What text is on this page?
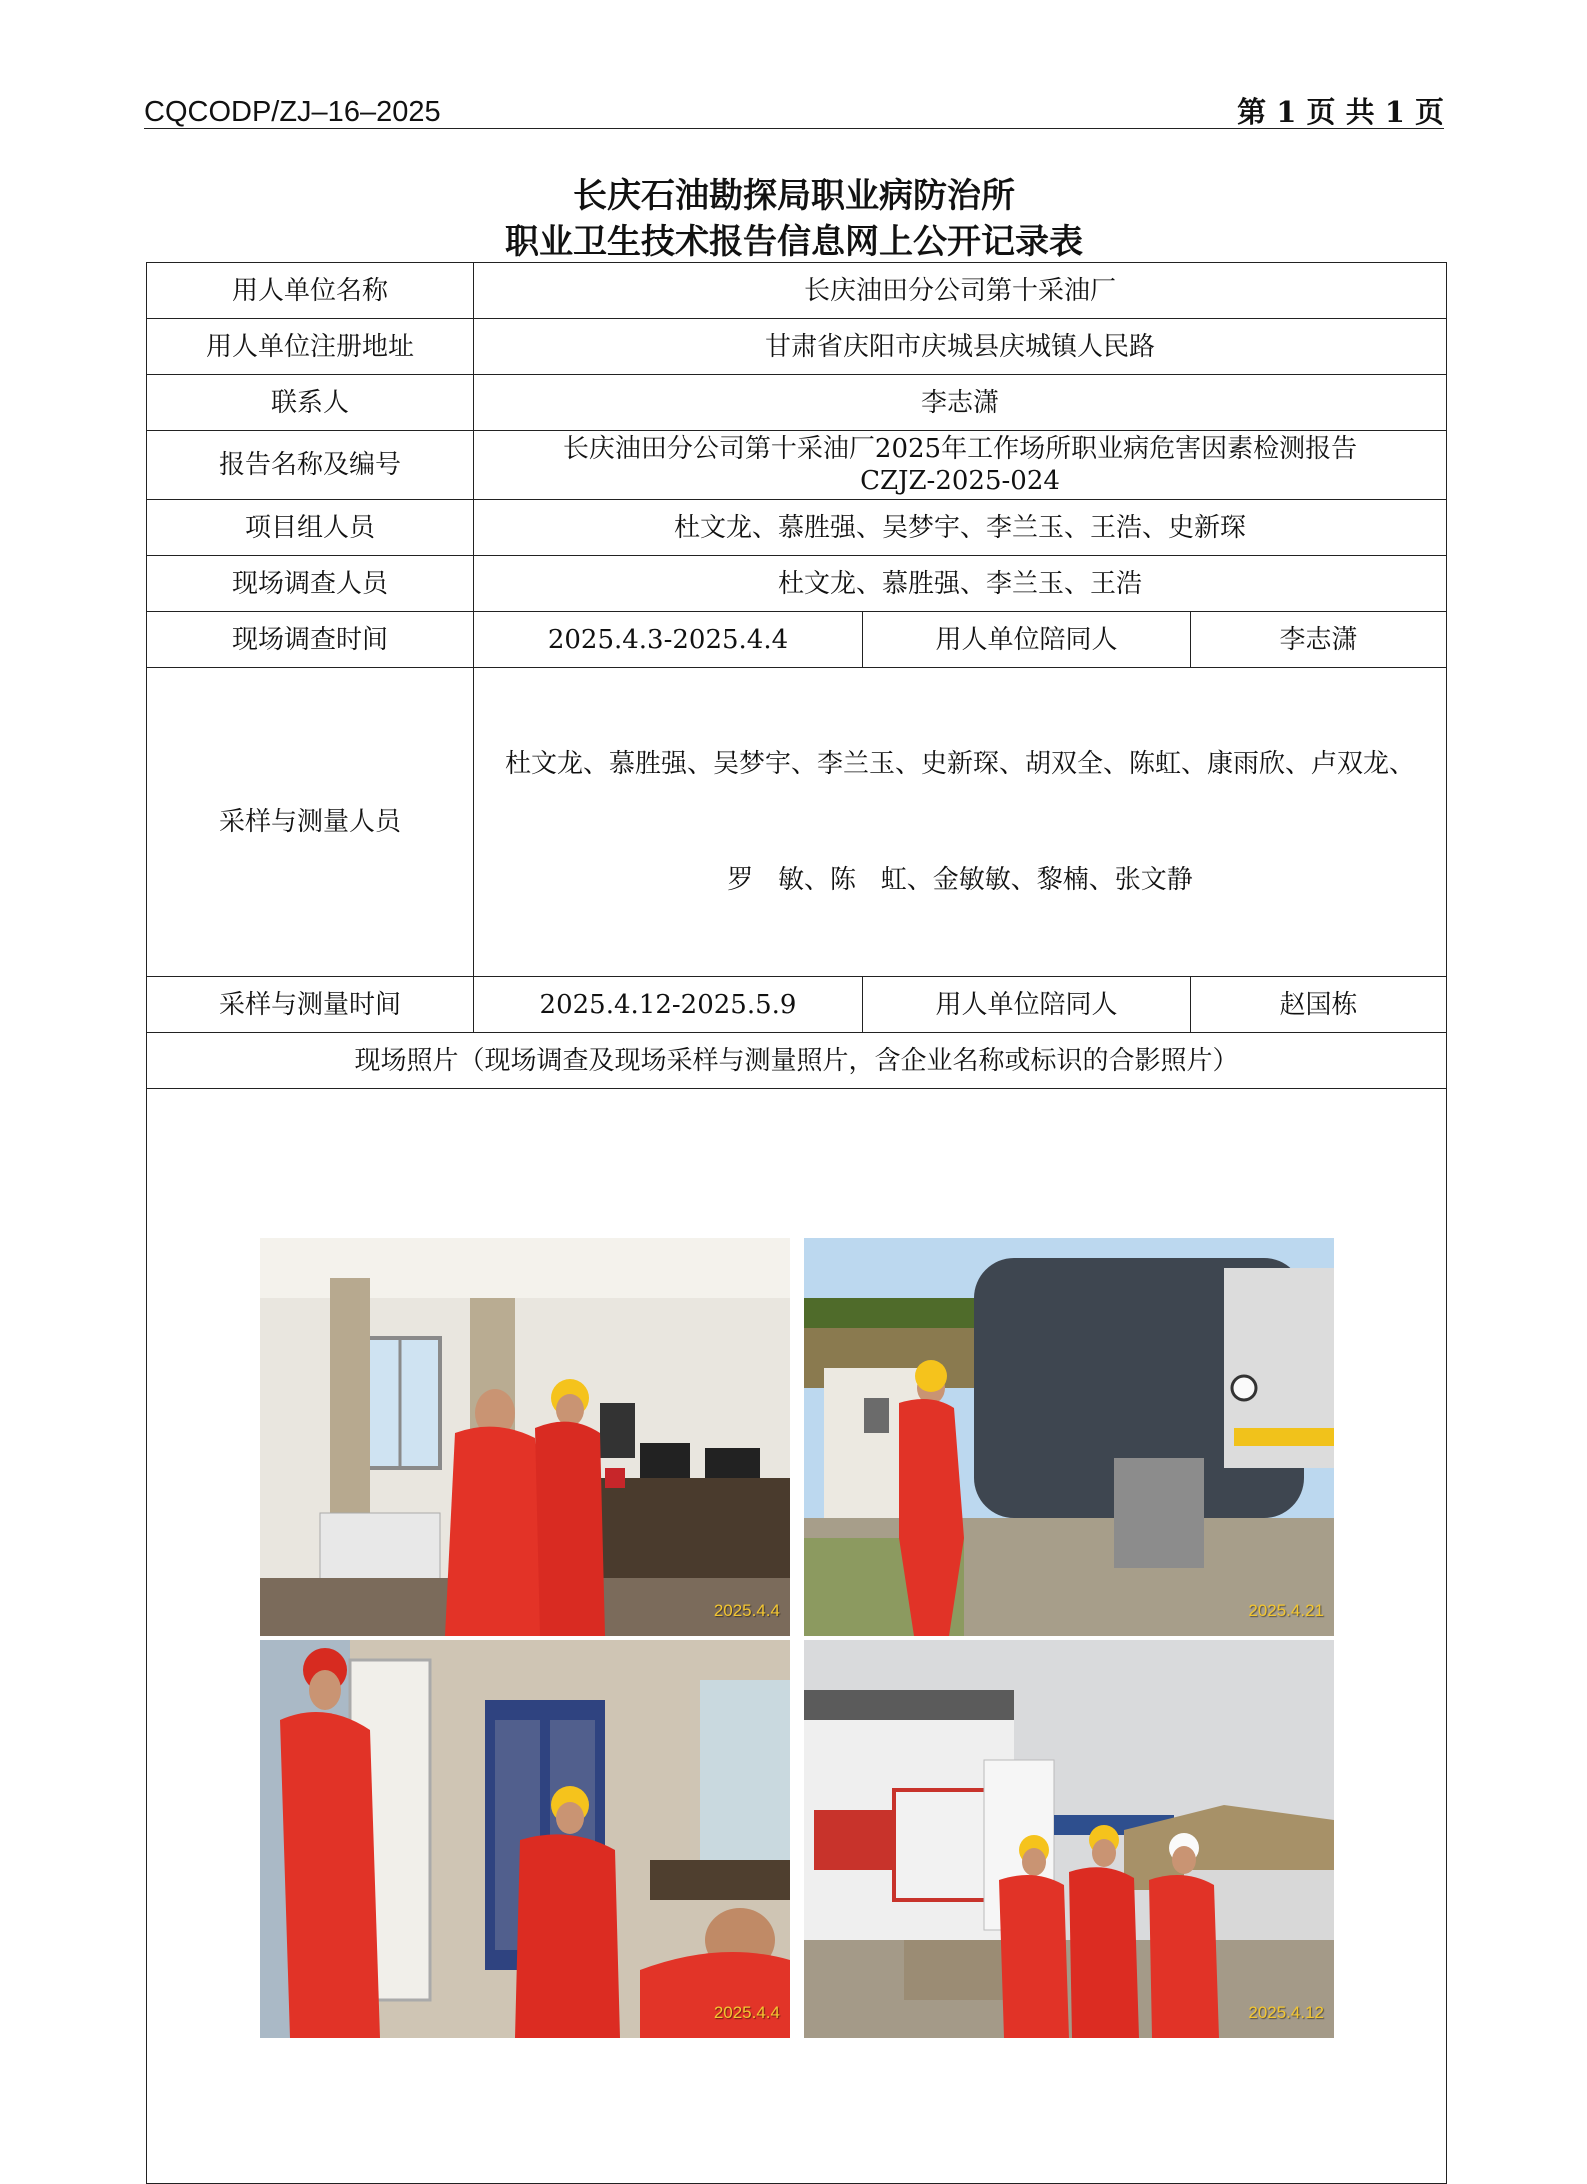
CQCODP/ZJ–16–2025	第 1 页 共 1 页
长庆石油勘探局职业病防治所
职业卫生技术报告信息网上公开记录表
用人单位名称	长庆油田分公司第十采油厂		
用人单位注册地址	甘肃省庆阳市庆城县庆城镇人民路		
联系人	李志潇		
报告名称及编号	长庆油田分公司第十采油厂2025年工作场所职业病危害因素检测报告
CZJZ-2025-024		

项目组人员	杜文龙、慕胜强、吴梦宇、李兰玉、王浩、史新琛		
现场调查人员	杜文龙、慕胜强、李兰玉、王浩		
现场调查时间	2025.4.3-2025.4.4	用人单位陪同人	李志潇
采样与测量人员	杜文龙、慕胜强、吴梦宇、李兰玉、史新琛、胡双全、陈虹、康雨欣、卢双龙、

罗   敏、陈   虹、金敏敏、黎楠、张文静		

采样与测量时间	2025.4.12-2025.5.9	用人单位陪同人	赵国栋
现场照片（现场调查及现场采样与测量照片，含企业名称或标识的合影照片）			

2025.4.4 2025.4.21
2025.4.4 2025.4.12			
